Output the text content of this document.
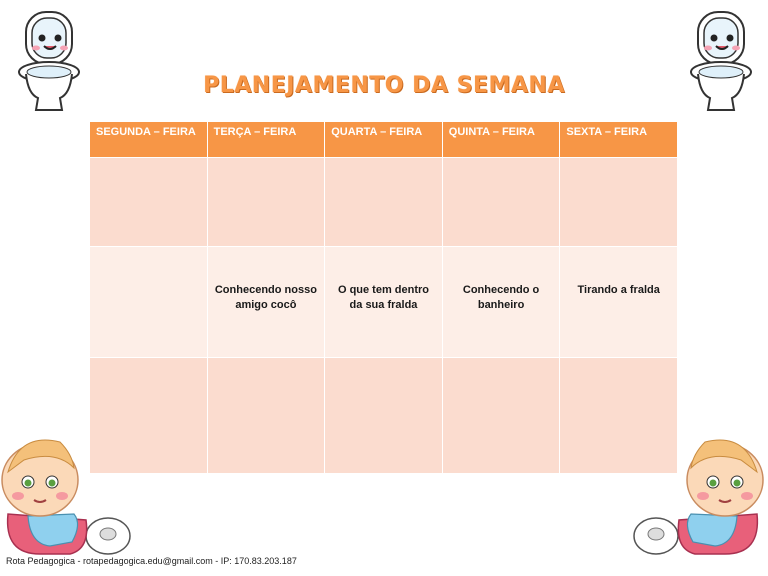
PLANEJAMENTO DA SEMANA
SEGUNDA – FEIRA	TERÇA – FEIRA	QUARTA – FEIRA	QUINTA – FEIRA	SEXTA – FEIRA

	Conhecendo nosso amigo cocô	O que tem dentro da sua fralda	Conhecendo o banheiro	Tirando a fralda

Rota Pedagogica - rotapedagogica.edu@gmail.com - IP: 170.83.203.187
